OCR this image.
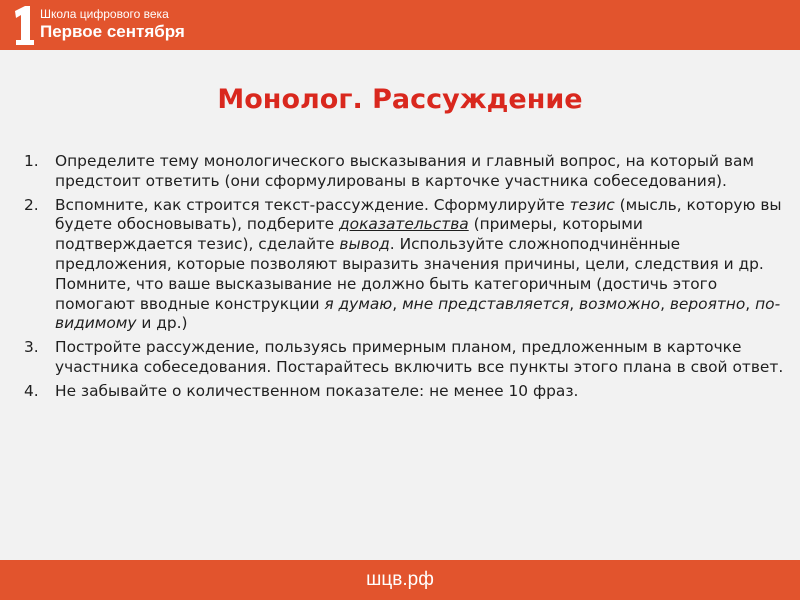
Школа цифрового века
Первое сентября
Монолог. Рассуждение
1. Определите тему монологического высказывания и главный вопрос, на который вам предстоит ответить (они сформулированы в карточке участника собеседования).
2. Вспомните, как строится текст-рассуждение. Сформулируйте тезис (мысль, которую вы будете обосновывать), подберите доказательства (примеры, которыми подтверждается тезис), сделайте вывод. Используйте сложноподчинённые предложения, которые позволяют выразить значения причины, цели, следствия и др. Помните, что ваше высказывание не должно быть категоричным (достичь этого помогают вводные конструкции я думаю, мне представляется, возможно, вероятно, по-видимому и др.)
3. Постройте рассуждение, пользуясь примерным планом, предложенным в карточке участника собеседования. Постарайтесь включить все пункты этого плана в свой ответ.
4. Не забывайте о количественном показателе: не менее 10 фраз.
шцв.рф
